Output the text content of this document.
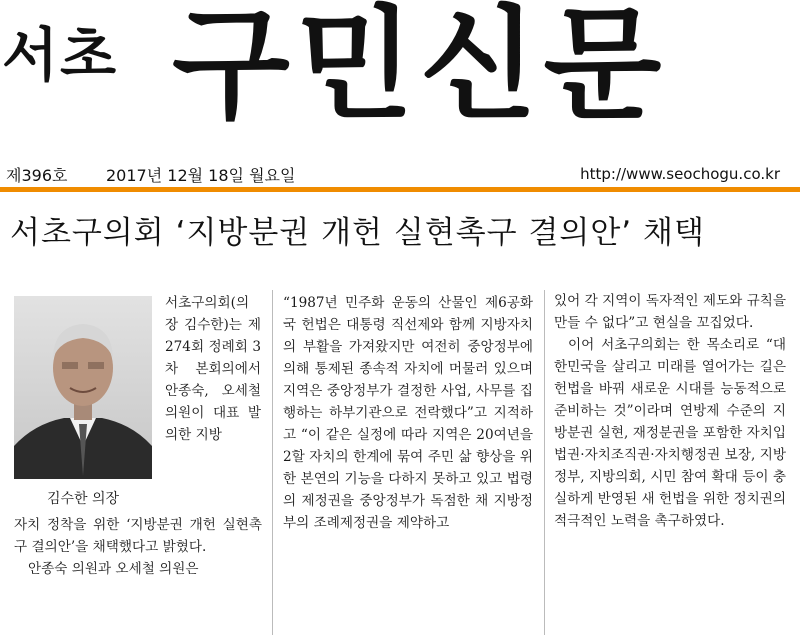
서초 구민신문
제396호 2017년 12월 18일 월요일	http://www.seochogu.co.kr
서초구의회 ‘지방분권 개헌 실현촉구 결의안’ 채택
김수한 의장

서초구의회(의장 김수한)는 제274회 정례회 3차 본회의에서 안종숙, 오세철 의원이 대표 발의한 지방

자치 정착을 위한 ‘지방분권 개헌 실현촉구 결의안’을 채택했다고 밝혔다.

안종숙 의원과 오세철 의원은

“1987년 민주화 운동의 산물인 제6공화국 헌법은 대통령 직선제와 함께 지방자치의 부활을 가져왔지만 여전히 중앙정부에 의해 통제된 종속적 자치에 머물러 있으며 지역은 중앙정부가 결정한 사업, 사무를 집행하는 하부기관으로 전락했다”고 지적하고 “이 같은 실정에 따라 지역은 20여년을 2할 자치의 한계에 묶여 주민 삶 향상을 위한 본연의 기능을 다하지 못하고 있고 법령의 제정권을 중앙정부가 독점한 채 지방정부의 조례제정권을 제약하고

있어 각 지역이 독자적인 제도와 규칙을 만들 수 없다”고 현실을 꼬집었다.

이어 서초구의회는 한 목소리로 “대한민국을 살리고 미래를 열어가는 길은 헌법을 바꿔 새로운 시대를 능동적으로 준비하는 것”이라며 연방제 수준의 지방분권 실현, 재정분권을 포함한 자치입법권·자치조직권·자치행정권 보장, 지방정부, 지방의회, 시민 참여 확대 등이 충실하게 반영된 새 헌법을 위한 정치권의 적극적인 노력을 촉구하였다.
